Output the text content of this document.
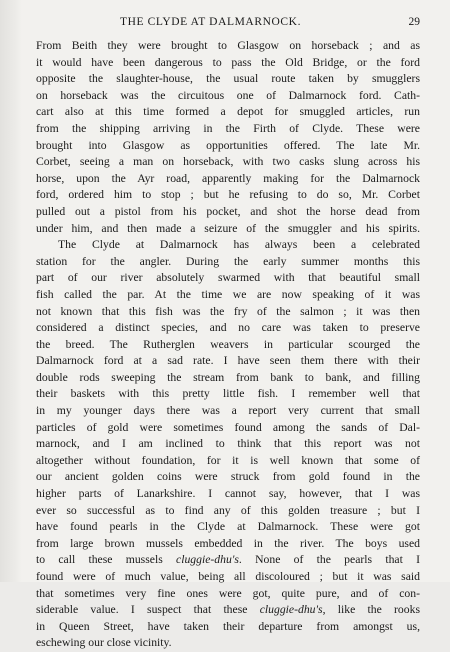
THE CLYDE AT DALMARNOCK.	29
From Beith they were brought to Glasgow on horseback ; and as
it would have been dangerous to pass the Old Bridge, or the ford
opposite the slaughter-house, the usual route taken by smugglers
on horseback was the circuitous one of Dalmarnock ford. Cath-
cart also at this time formed a depot for smuggled articles, run
from the shipping arriving in the Firth of Clyde. These were
brought into Glasgow as opportunities offered. The late Mr.
Corbet, seeing a man on horseback, with two casks slung across his
horse, upon the Ayr road, apparently making for the Dalmarnock
ford, ordered him to stop ; but he refusing to do so, Mr. Corbet
pulled out a pistol from his pocket, and shot the horse dead from
under him, and then made a seizure of the smuggler and his spirits.
The Clyde at Dalmarnock has always been a celebrated
station for the angler. During the early summer months this
part of our river absolutely swarmed with that beautiful small
fish called the par. At the time we are now speaking of it was
not known that this fish was the fry of the salmon ; it was then
considered a distinct species, and no care was taken to preserve
the breed. The Rutherglen weavers in particular scourged the
Dalmarnock ford at a sad rate. I have seen them there with their
double rods sweeping the stream from bank to bank, and filling
their baskets with this pretty little fish. I remember well that
in my younger days there was a report very current that small
particles of gold were sometimes found among the sands of Dal-
marnock, and I am inclined to think that this report was not
altogether without foundation, for it is well known that some of
our ancient golden coins were struck from gold found in the
higher parts of Lanarkshire. I cannot say, however, that I was
ever so successful as to find any of this golden treasure ; but I
have found pearls in the Clyde at Dalmarnock. These were got
from large brown mussels embedded in the river. The boys used
to call these mussels cluggie-dhu's. None of the pearls that I
found were of much value, being all discoloured ; but it was said
that sometimes very fine ones were got, quite pure, and of con-
siderable value. I suspect that these cluggie-dhu's, like the rooks
in Queen Street, have taken their departure from amongst us,
eschewing our close vicinity.
